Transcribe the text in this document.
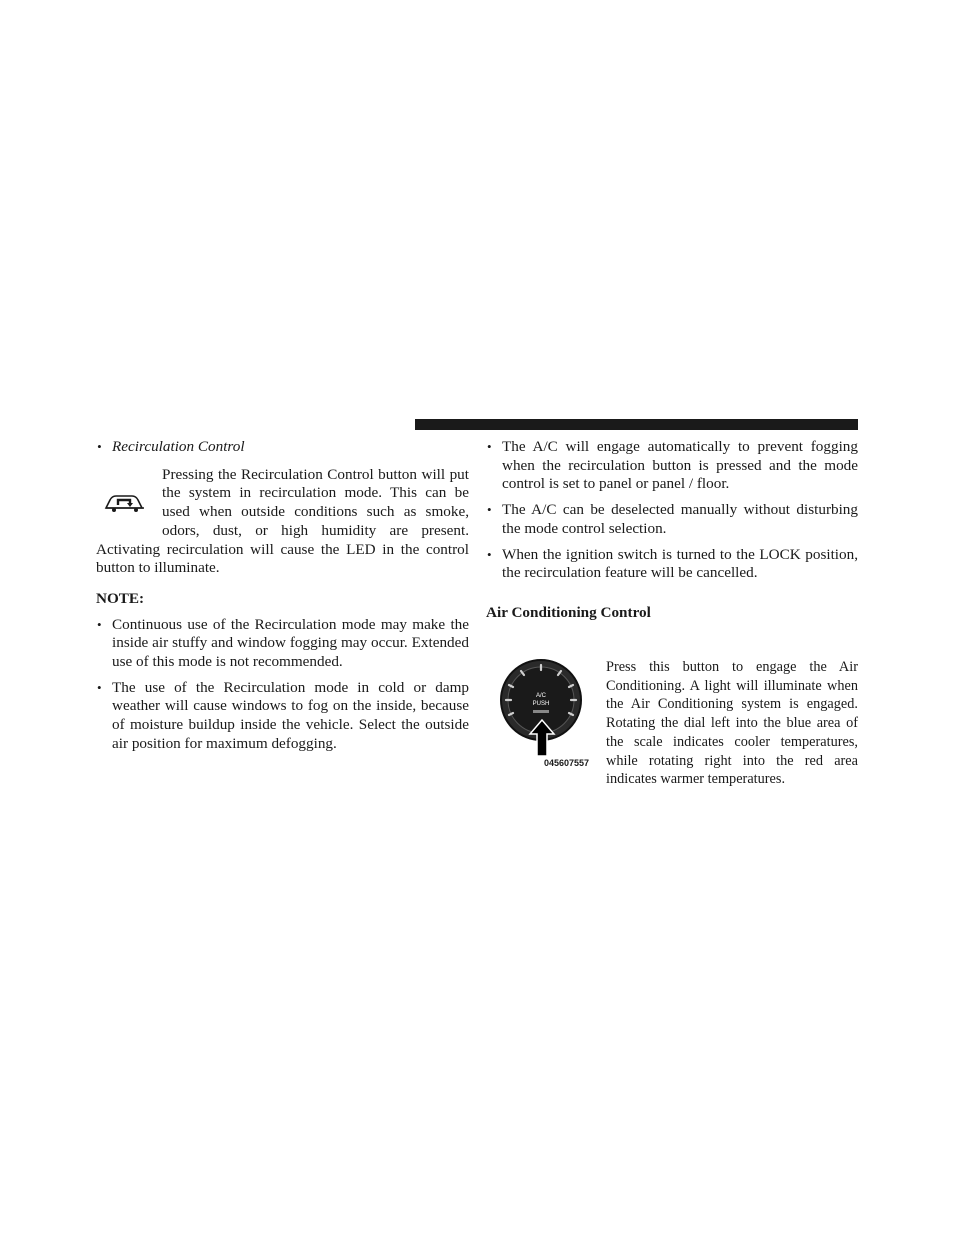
• Recirculation Control

Pressing the Recirculation Control button will put the system in recirculation mode. This can be used when outside conditions such as smoke, odors, dust, or high humidity are present. Activating recirculation will cause the LED in the control button to illuminate.

NOTE:

• Continuous use of the Recirculation mode may make the inside air stuffy and window fogging may occur. Extended use of this mode is not recommended.
• The use of the Recirculation mode in cold or damp weather will cause windows to fog on the inside, because of moisture buildup inside the vehicle. Select the outside air position for maximum defogging.
• The A/C will engage automatically to prevent fogging when the recirculation button is pressed and the mode control is set to panel or panel / floor.
• The A/C can be deselected manually without disturbing the mode control selection.
• When the ignition switch is turned to the LOCK position, the recirculation feature will be cancelled.

Air Conditioning Control

A/C
PUSH
045607557
Press this button to engage the Air Conditioning. A light will illuminate when the Air Conditioning system is engaged. Rotating the dial left into the blue area of the scale indicates cooler temperatures, while rotating right into the red area indicates warmer temperatures.
